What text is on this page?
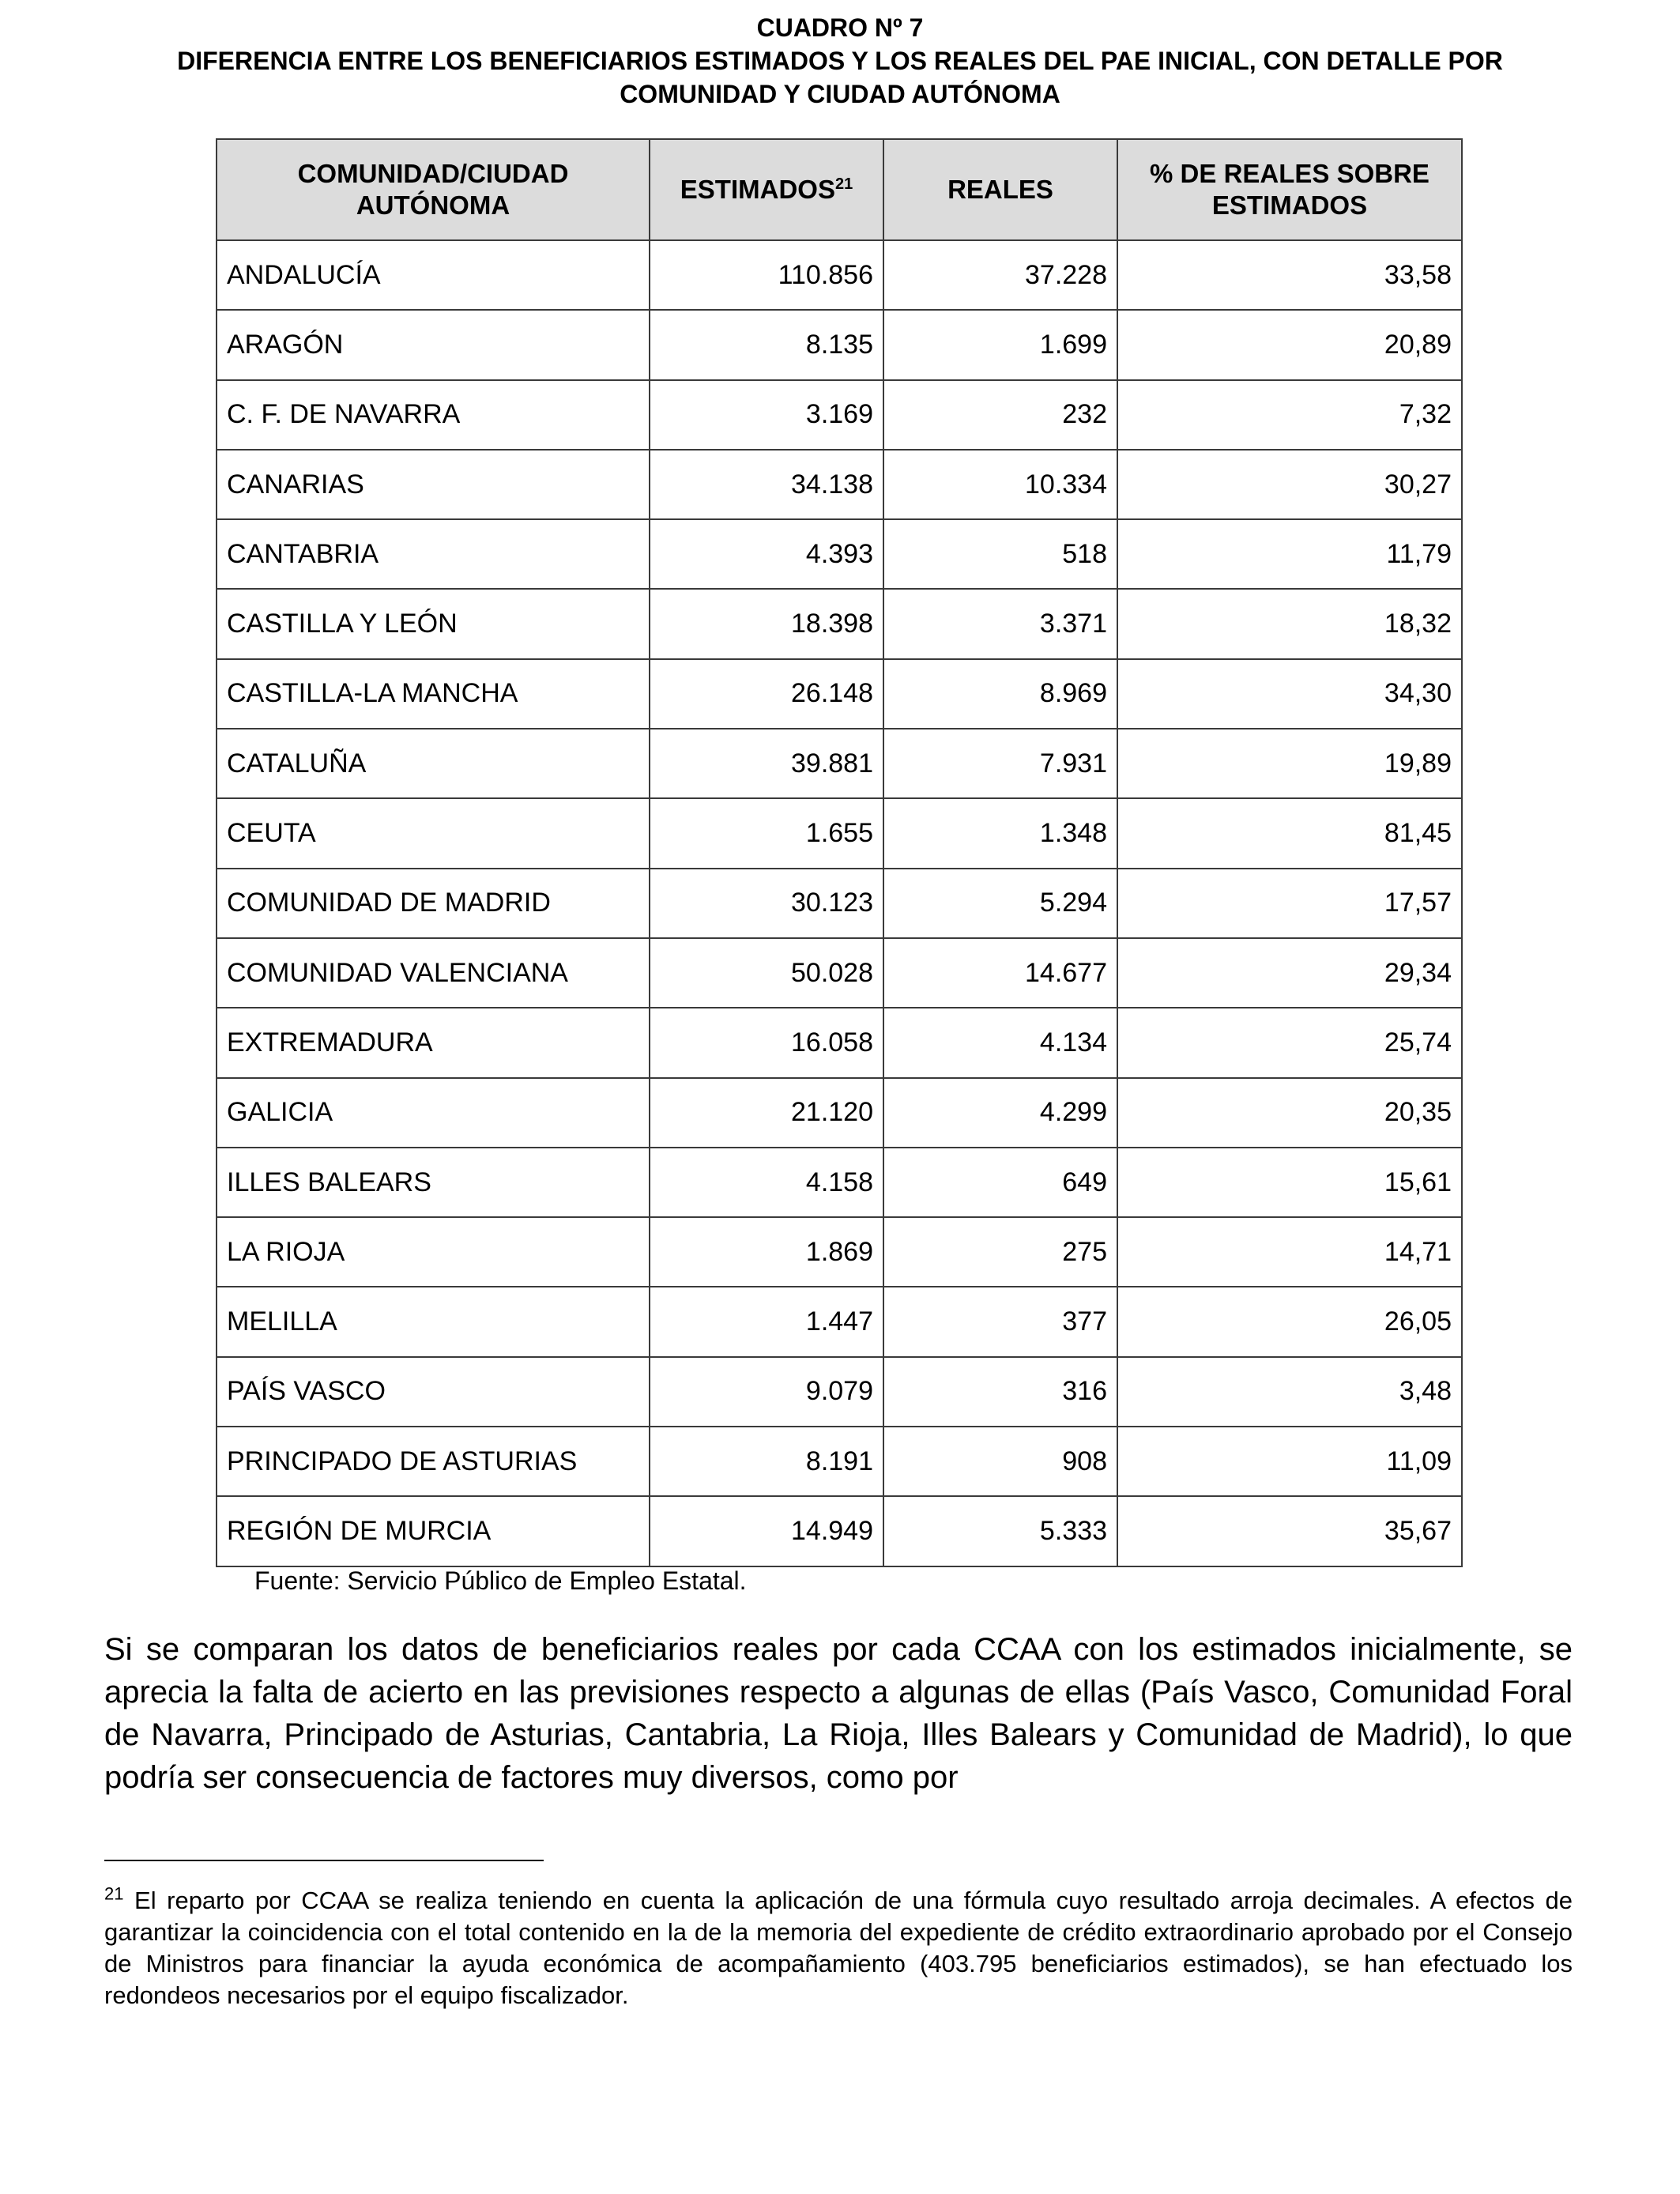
CUADRO Nº 7
DIFERENCIA ENTRE LOS BENEFICIARIOS ESTIMADOS Y LOS REALES DEL PAE INICIAL, CON DETALLE POR
COMUNIDAD Y CIUDAD AUTÓNOMA
COMUNIDAD/CIUDAD
AUTÓNOMA	ESTIMADOS$^{21}$	REALES	% DE REALES SOBRE
ESTIMADOS
ANDALUCÍA	110.856	37.228	33,58
ARAGÓN	8.135	1.699	20,89
C. F. DE NAVARRA	3.169	232	7,32
CANARIAS	34.138	10.334	30,27
CANTABRIA	4.393	518	11,79
CASTILLA Y LEÓN	18.398	3.371	18,32
CASTILLA-LA MANCHA	26.148	8.969	34,30
CATALUÑA	39.881	7.931	19,89
CEUTA	1.655	1.348	81,45
COMUNIDAD DE MADRID	30.123	5.294	17,57
COMUNIDAD VALENCIANA	50.028	14.677	29,34
EXTREMADURA	16.058	4.134	25,74
GALICIA	21.120	4.299	20,35
ILLES BALEARS	4.158	649	15,61
LA RIOJA	1.869	275	14,71
MELILLA	1.447	377	26,05
PAÍS VASCO	9.079	316	3,48
PRINCIPADO DE ASTURIAS	8.191	908	11,09
REGIÓN DE MURCIA	14.949	5.333	35,67
Fuente: Servicio Público de Empleo Estatal.
Si se comparan los datos de beneficiarios reales por cada CCAA con los estimados inicialmente, se aprecia la falta de acierto en las previsiones respecto a algunas de ellas (País Vasco, Comunidad Foral de Navarra, Principado de Asturias, Cantabria, La Rioja, Illes Balears y Comunidad de Madrid), lo que podría ser consecuencia de factores muy diversos, como por
$^{21}$ El reparto por CCAA se realiza teniendo en cuenta la aplicación de una fórmula cuyo resultado arroja decimales. A efectos de garantizar la coincidencia con el total contenido en la de la memoria del expediente de crédito extraordinario aprobado por el Consejo de Ministros para financiar la ayuda económica de acompañamiento (403.795 beneficiarios estimados), se han efectuado los redondeos necesarios por el equipo fiscalizador.
